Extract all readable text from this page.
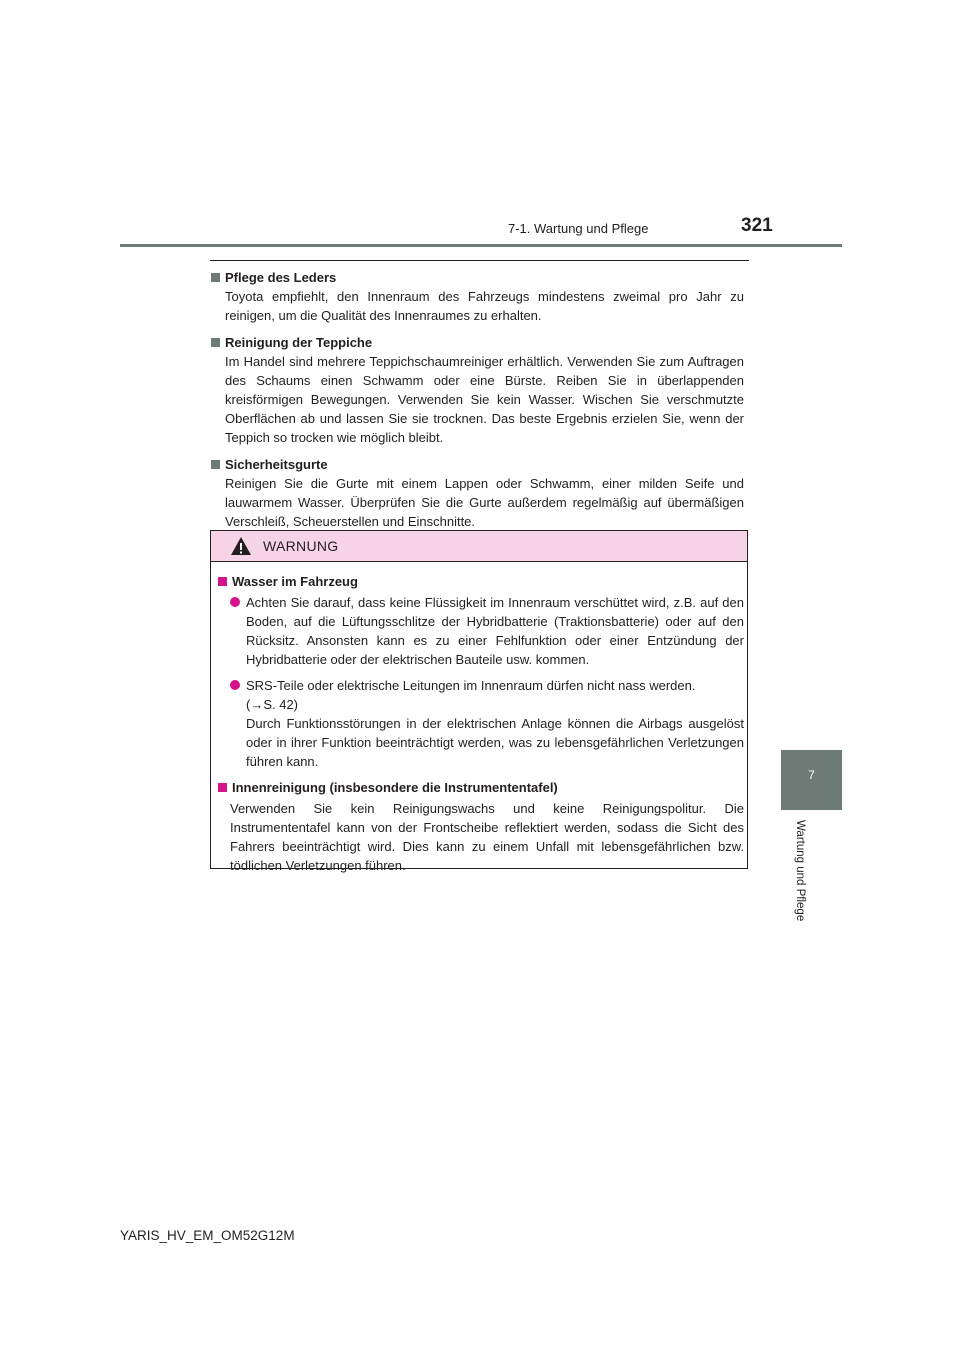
7-1. Wartung und Pflege	321
7
Wartung und Pflege

Pflege des Leders

Toyota empfiehlt, den Innenraum des Fahrzeugs mindestens zweimal pro Jahr zu reinigen, um die Qualität des Innenraumes zu erhalten.

Reinigung der Teppiche

Im Handel sind mehrere Teppichschaumreiniger erhältlich. Verwenden Sie zum Auftragen des Schaums einen Schwamm oder eine Bürste. Reiben Sie in überlappenden kreisförmigen Bewegungen. Verwenden Sie kein Wasser. Wischen Sie verschmutzte Oberflächen ab und lassen Sie sie trocknen. Das beste Ergebnis erzielen Sie, wenn der Teppich so trocken wie möglich bleibt.

Sicherheitsgurte

Reinigen Sie die Gurte mit einem Lappen oder Schwamm, einer milden Seife und lauwarmem Wasser. Überprüfen Sie die Gurte außerdem regelmäßig auf übermäßigen Verschleiß, Scheuerstellen und Einschnitte.

WARNUNG

Wasser im Fahrzeug

Achten Sie darauf, dass keine Flüssigkeit im Innenraum verschüttet wird, z.B. auf den Boden, auf die Lüftungsschlitze der Hybridbatterie (Traktionsbatterie) oder auf den Rücksitz. Ansonsten kann es zu einer Fehlfunktion oder einer Entzündung der Hybridbatterie oder der elektrischen Bauteile usw. kommen.
SRS-Teile oder elektrische Leitungen im Innenraum dürfen nicht nass werden.
(→S. 42)
Durch Funktionsstörungen in der elektrischen Anlage können die Airbags ausgelöst oder in ihrer Funktion beeinträchtigt werden, was zu lebensgefährlichen Verletzungen führen kann.

Innenreinigung (insbesondere die Instrumententafel)

Verwenden Sie kein Reinigungswachs und keine Reinigungspolitur. Die Instrumententafel kann von der Frontscheibe reflektiert werden, sodass die Sicht des Fahrers beeinträchtigt wird. Dies kann zu einem Unfall mit lebensgefährlichen bzw. tödlichen Verletzungen führen.

YARIS_HV_EM_OM52G12M
